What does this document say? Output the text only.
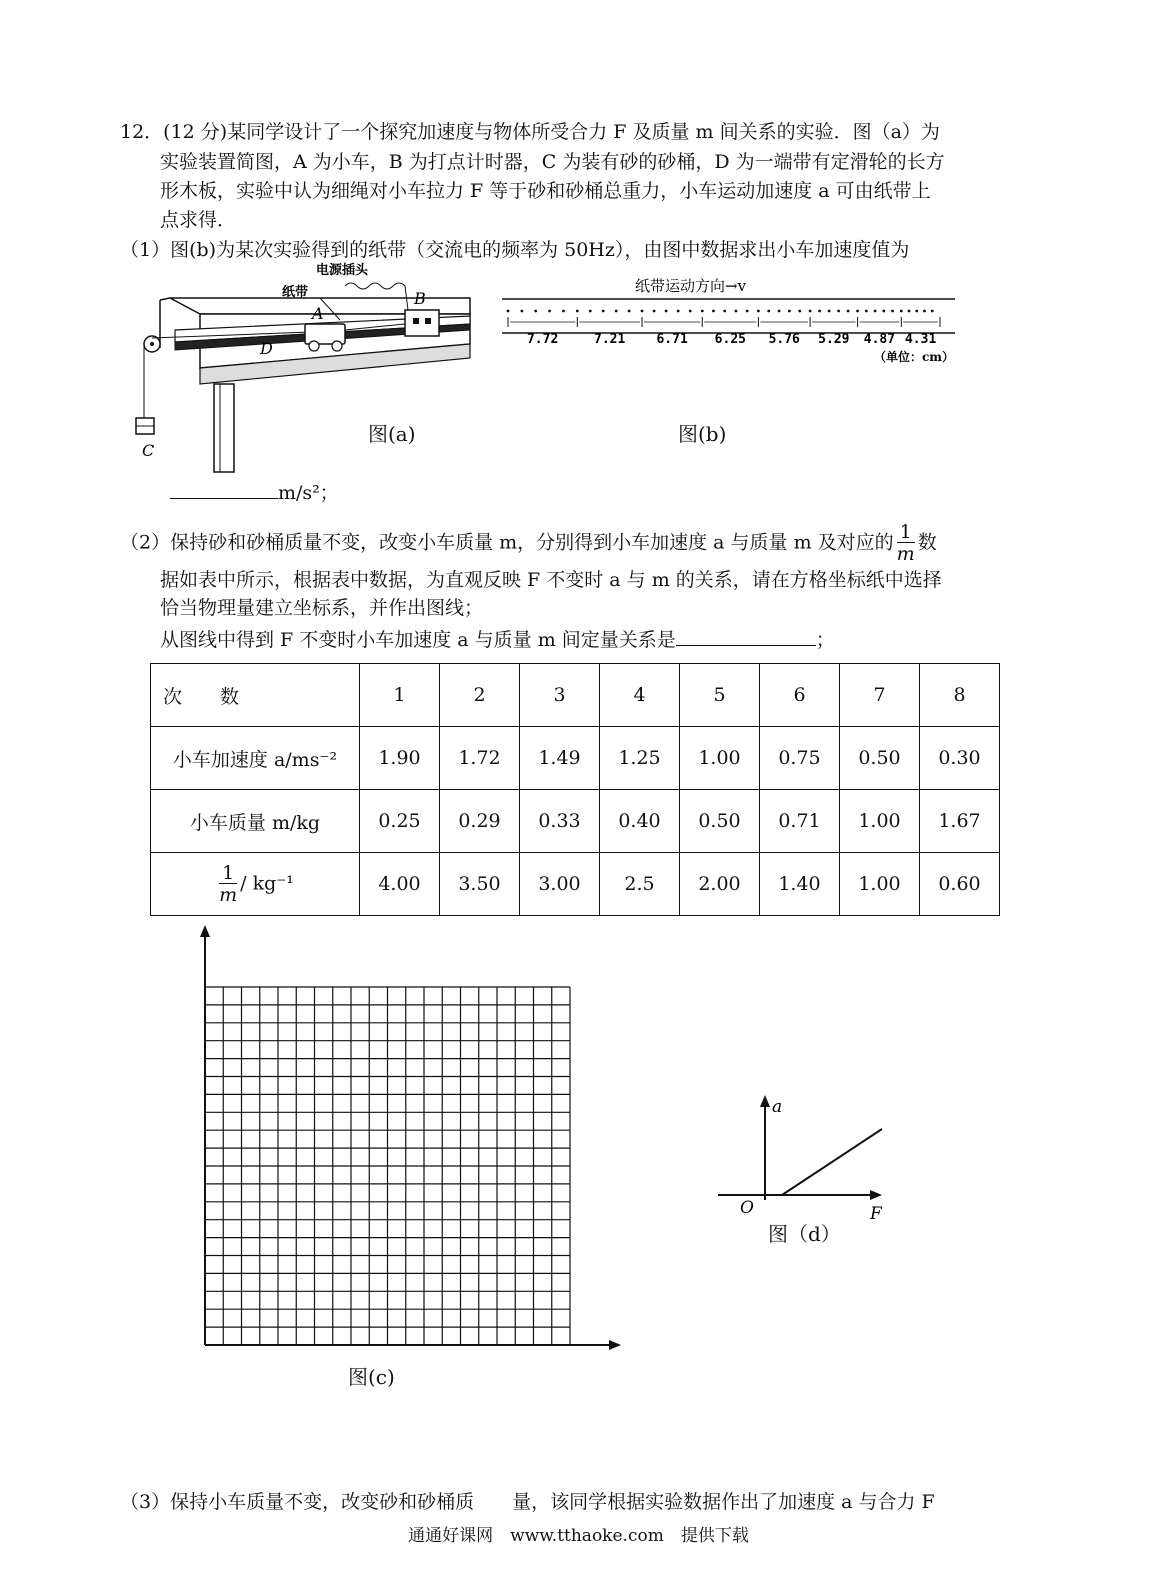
12．(12 分)某同学设计了一个探究加速度与物体所受合力 F 及质量 m 间关系的实验．图（a）为
实验装置简图，A 为小车，B 为打点计时器，C 为装有砂的砂桶，D 为一端带有定滑轮的长方
形木板，实验中认为细绳对小车拉力 F 等于砂和砂桶总重力，小车运动加速度 a 可由纸带上
点求得．
（1）图(b)为某次实验得到的纸带（交流电的频率为 50Hz），由图中数据求出小车加速度值为
C
A
D
纸带	B
电源插头
图(a)
纸带运动方向→v
7.72	7.21 6.71 6.25 5.76 5.29 4.87 4.31
（单位：cm）
图(b)
m/s²；
（2）保持砂和砂桶质量不变，改变小车质量 m，分别得到小车加速度 a 与质量 m 及对应的 $\frac{1}{m}$ 数
据如表中所示，根据表中数据，为直观反映 F 不变时 a 与 m 的关系，请在方格坐标纸中选择
恰当物理量建立坐标系，并作出图线；
从图线中得到 F 不变时小车加速度 a 与质量 m 间定量关系是	；
次　　数	1	2	3	4	5	6	7	8
小车加速度 a/ms⁻²	1.90	1.72	1.49	1.25	1.00	0.75	0.50	0.30
小车质量 m/kg	0.25	0.29	0.33	0.40	0.50	0.71	1.00	1.67

$\frac{1}{m} / kg^{-1}$	4.00	3.50	3.00	2.5	2.00	1.40	1.00	0.60
图(c)
a
F
O
图（d）
（3）保持小车质量不变，改变砂和砂桶质　　量，该同学根据实验数据作出了加速度 a 与合力 F
通通好课网　www.tthaoke.com　提供下载
